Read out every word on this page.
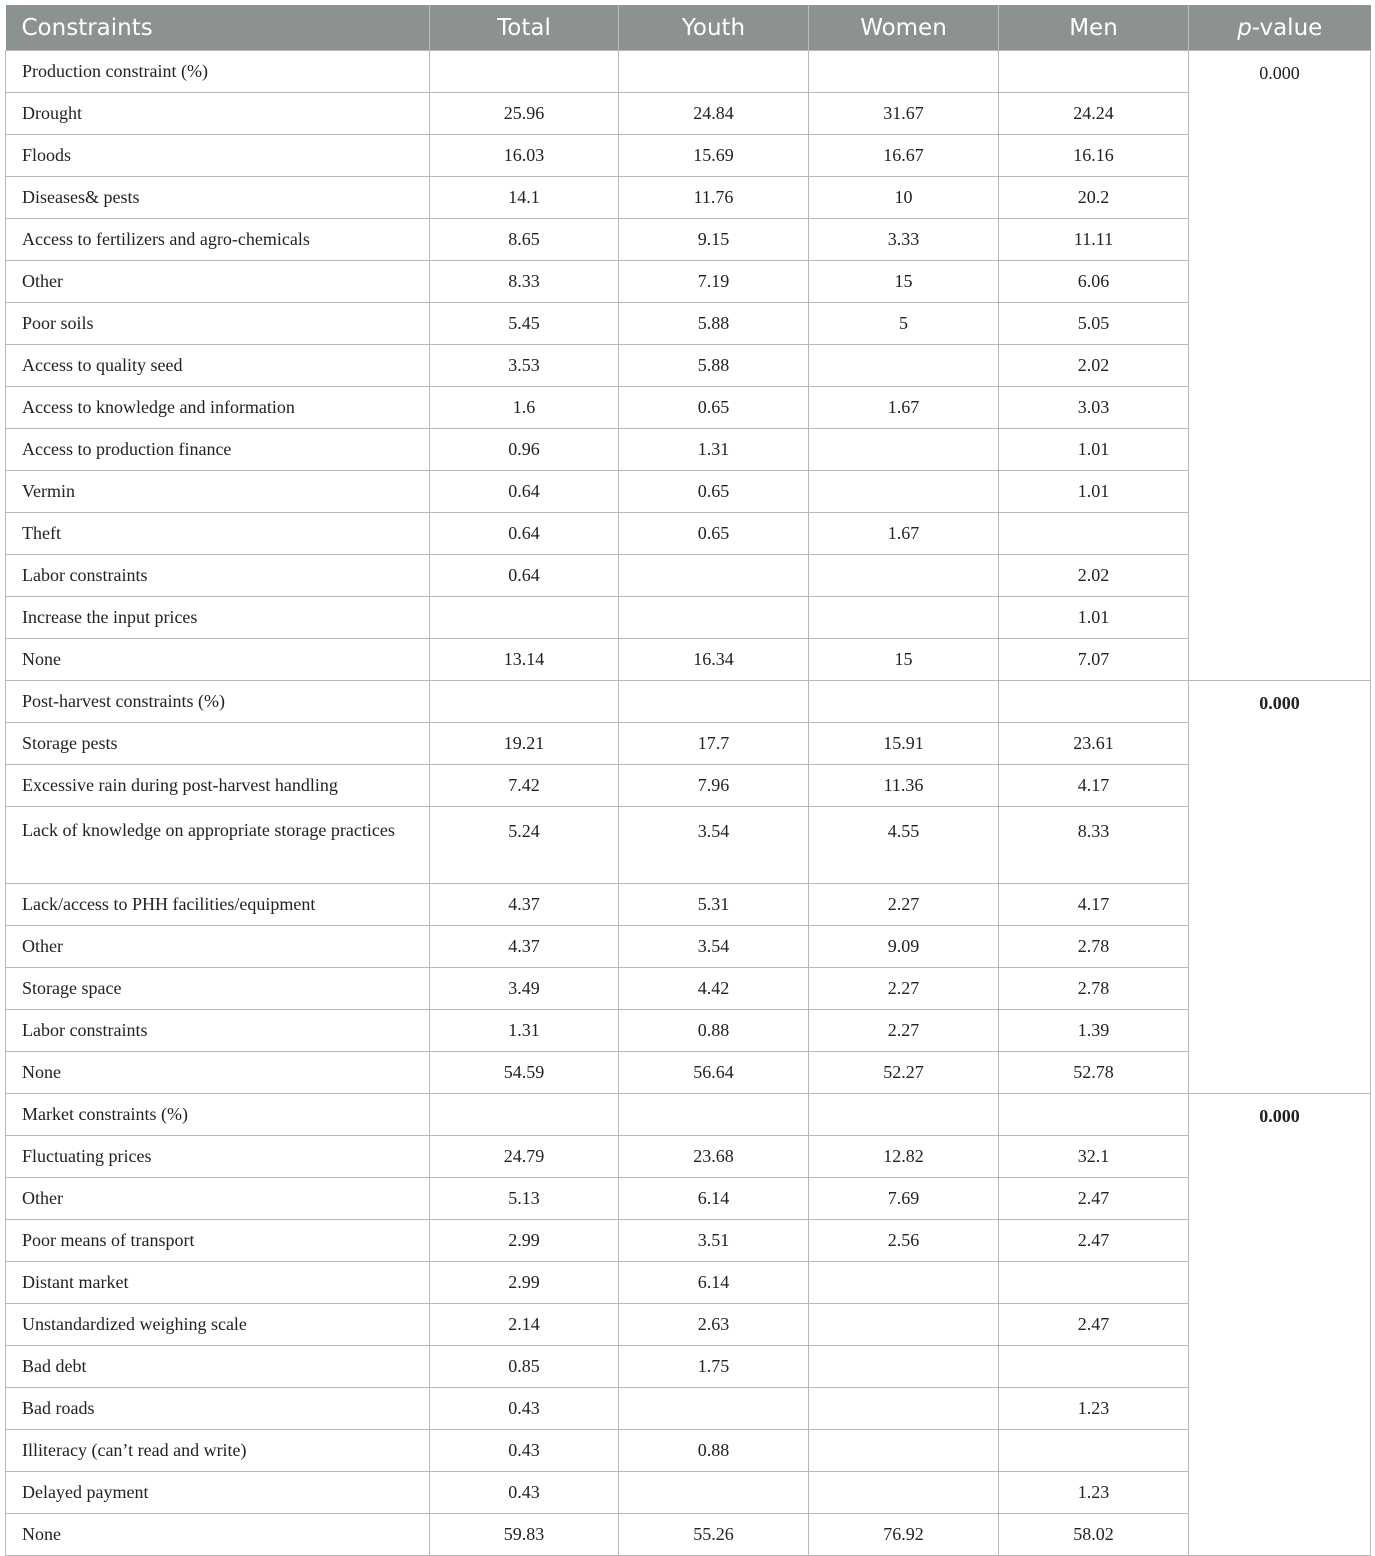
Constraints	Total	Youth	Women	Men	p-value
Production constraint (%)					0.000
Drought	25.96	24.84	31.67	24.24	
Floods	16.03	15.69	16.67	16.16	
Diseases& pests	14.1	11.76	10	20.2	
Access to fertilizers and agro-chemicals	8.65	9.15	3.33	11.11	
Other	8.33	7.19	15	6.06	
Poor soils	5.45	5.88	5	5.05	
Access to quality seed	3.53	5.88		2.02	
Access to knowledge and information	1.6	0.65	1.67	3.03	
Access to production finance	0.96	1.31		1.01	
Vermin	0.64	0.65		1.01	
Theft	0.64	0.65	1.67		
Labor constraints	0.64			2.02	
Increase the input prices				1.01	
None	13.14	16.34	15	7.07	
Post-harvest constraints (%)					0.000
Storage pests	19.21	17.7	15.91	23.61	
Excessive rain during post-harvest handling	7.42	7.96	11.36	4.17	
Lack of knowledge on appropriate storage practices	5.24	3.54	4.55	8.33	
Lack/access to PHH facilities/equipment	4.37	5.31	2.27	4.17	
Other	4.37	3.54	9.09	2.78	
Storage space	3.49	4.42	2.27	2.78	
Labor constraints	1.31	0.88	2.27	1.39	
None	54.59	56.64	52.27	52.78	
Market constraints (%)					0.000
Fluctuating prices	24.79	23.68	12.82	32.1	
Other	5.13	6.14	7.69	2.47	
Poor means of transport	2.99	3.51	2.56	2.47	
Distant market	2.99	6.14			
Unstandardized weighing scale	2.14	2.63		2.47	
Bad debt	0.85	1.75			
Bad roads	0.43			1.23	
Illiteracy (can’t read and write)	0.43	0.88			
Delayed payment	0.43			1.23	
None	59.83	55.26	76.92	58.02	
